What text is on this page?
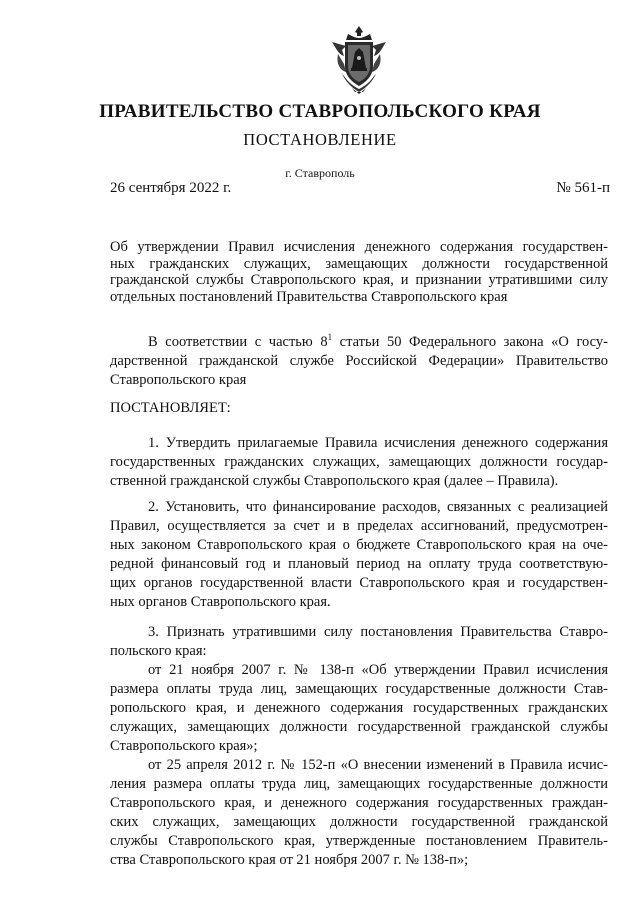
ПРАВИТЕЛЬСТВО СТАВРОПОЛЬСКОГО КРАЯ
ПОСТАНОВЛЕНИЕ
г. Ставрополь
26 сентября 2022 г.	№ 561-п
Об утверждении Правил исчисления денежного содержания государствен-
ных гражданских служащих, замещающих должности государственной
гражданской службы Ставропольского края, и признании утратившими силу
отдельных постановлений Правительства Ставропольского края
В соответствии с частью $8^1$ статьи 50 Федерального закона «О госу-
дарственной гражданской службе Российской Федерации» Правительство
Ставропольского края
ПОСТАНОВЛЯЕТ:
1. Утвердить прилагаемые Правила исчисления денежного содержания
государственных гражданских служащих, замещающих должности государ-
ственной гражданской службы Ставропольского края (далее – Правила).
2. Установить, что финансирование расходов, связанных с реализацией
Правил, осуществляется за счет и в пределах ассигнований, предусмотрен-
ных законом Ставропольского края о бюджете Ставропольского края на оче-
редной финансовый год и плановый период на оплату труда соответствую-
щих органов государственной власти Ставропольского края и государствен-
ных органов Ставропольского края.
3. Признать утратившими силу постановления Правительства Ставро-
польского края:
от 21 ноября 2007 г. № 138-п «Об утверждении Правил исчисления
размера оплаты труда лиц, замещающих государственные должности Став-
ропольского края, и денежного содержания государственных гражданских
служащих, замещающих должности государственной гражданской службы
Ставропольского края»;
от 25 апреля 2012 г. № 152-п «О внесении изменений в Правила исчис-
ления размера оплаты труда лиц, замещающих государственные должности
Ставропольского края, и денежного содержания государственных граждан-
ских служащих, замещающих должности государственной гражданской
службы Ставропольского края, утвержденные постановлением Правитель-
ства Ставропольского края от 21 ноября 2007 г. № 138-п»;
